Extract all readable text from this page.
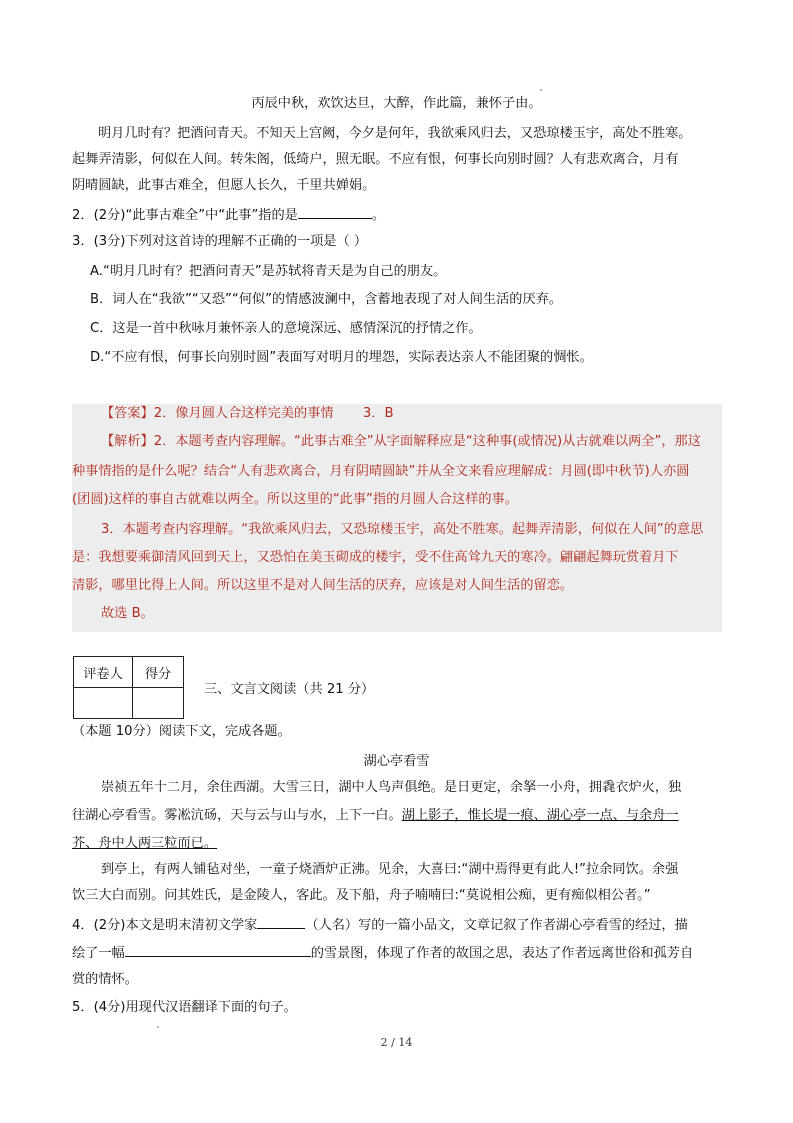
丙辰中秋，欢饮达旦，大醉，作此篇，兼怀子由。
明月几时有？把酒问青天。不知天上宫阙，今夕是何年，我欲乘风归去，又恐琼楼玉宇，高处不胜寒。
起舞弄清影，何似在人间。转朱阁，低绮户，照无眠。不应有恨，何事长向别时圆？人有悲欢离合，月有
阴晴圆缺，此事古难全，但愿人长久，千里共婵娟。
2．(2分)“此事古难全”中“此事”指的是	。
3．(3分)下列对这首诗的理解不正确的一项是（ ）
A.“明月几时有？把酒问青天”是苏轼将青天是为自己的朋友。
B．词人在“我欲”“又恐”“何似”的情感波澜中，含蓄地表现了对人间生活的厌弃。
C．这是一首中秋咏月兼怀亲人的意境深远、感情深沉的抒情之作。
D.“不应有恨，何事长向别时圆”表面写对明月的埋怨，实际表达亲人不能团聚的惆怅。
【答案】2．像月圆人合这样完美的事情       3．B
【解析】2．本题考查内容理解。“此事古难全”从字面解释应是“这种事(或情况)从古就难以两全”，那这
种事情指的是什么呢？结合“人有悲欢离合，月有阴晴圆缺”并从全文来看应理解成：月圆(即中秋节)人亦圆
(团圆)这样的事自古就难以两全。所以这里的“此事”指的月圆人合这样的事。
3．本题考查内容理解。“我欲乘风归去，又恐琼楼玉宇，高处不胜寒。起舞弄清影，何似在人间”的意思
是：我想要乘御清风回到天上，又恐怕在美玉砌成的楼宇，受不住高耸九天的寒冷。翩翩起舞玩赏着月下
清影，哪里比得上人间。所以这里不是对人间生活的厌弃，应该是对人间生活的留恋。
故选 B。
评卷人	得分

三、文言文阅读（共 21 分）
（本题 10分）阅读下文，完成各题。
湖心亭看雪
崇祯五年十二月，余住西湖。大雪三日，湖中人鸟声俱绝。是日更定，余拏一小舟，拥毳衣炉火，独
往湖心亭看雪。雾凇沆砀，天与云与山与水，上下一白。湖上影子，惟长堤一痕、湖心亭一点、与余舟一
芥、舟中人两三粒而已。
到亭上，有两人铺毡对坐，一童子烧酒炉正沸。见余，大喜曰:“湖中焉得更有此人!”拉余同饮。余强
饮三大白而别。问其姓氏，是金陵人，客此。及下船，舟子喃喃曰:“莫说相公痴，更有痴似相公者。”
4．(2分)本文是明末清初文学家	（人名）写的一篇小品文，文章记叙了作者湖心亭看雪的经过，描
绘了一幅	的雪景图，体现了作者的故国之思，表达了作者远离世俗和孤芳自
赏的情怀。
5．(4分)用现代汉语翻译下面的句子。
2 / 14
